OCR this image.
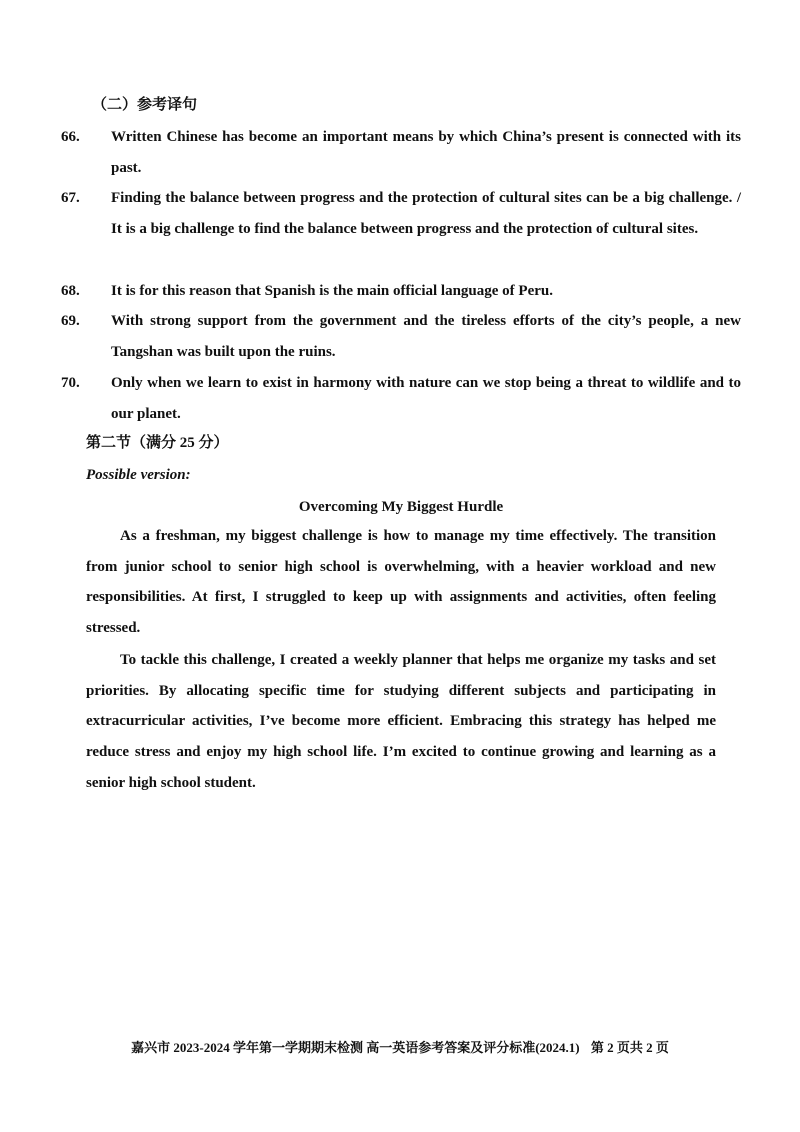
（二）参考译句
66. Written Chinese has become an important means by which China’s present is connected with its past.
67. Finding the balance between progress and the protection of cultural sites can be a big challenge. / It is a big challenge to find the balance between progress and the protection of cultural sites.
68. It is for this reason that Spanish is the main official language of Peru.
69. With strong support from the government and the tireless efforts of the city’s people, a new Tangshan was built upon the ruins.
70. Only when we learn to exist in harmony with nature can we stop being a threat to wildlife and to our planet.
第二节（满分 25 分）
Possible version:
Overcoming My Biggest Hurdle
As a freshman, my biggest challenge is how to manage my time effectively. The transition from junior school to senior high school is overwhelming, with a heavier workload and new responsibilities. At first, I struggled to keep up with assignments and activities, often feeling stressed.
To tackle this challenge, I created a weekly planner that helps me organize my tasks and set priorities. By allocating specific time for studying different subjects and participating in extracurricular activities, I’ve become more efficient. Embracing this strategy has helped me reduce stress and enjoy my high school life. I’m excited to continue growing and learning as a senior high school student.
嘉兴市 2023-2024 学年第一学期期末检测 高一英语参考答案及评分标准(2024.1) 第 2 页共 2 页
